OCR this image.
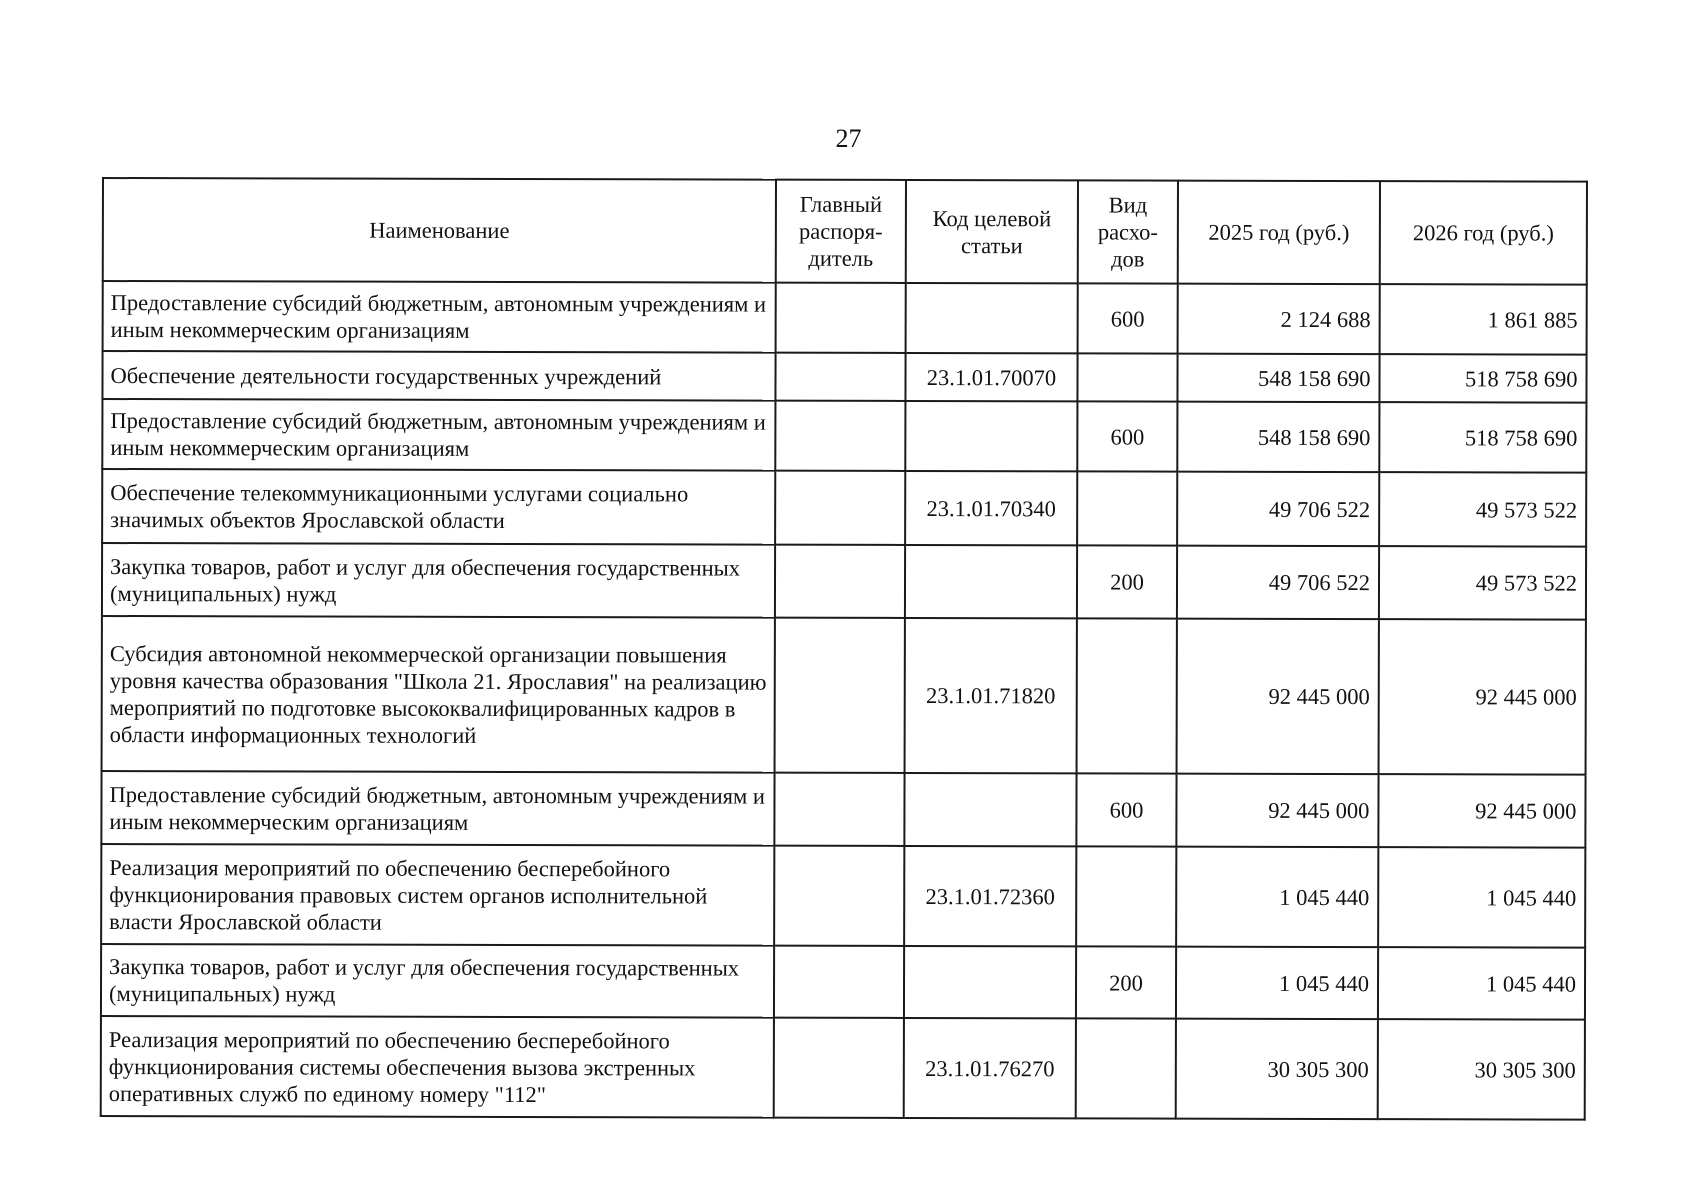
27
Наименование	Главный распоря-дитель	Код целевой статьи	Вид расхо-дов	2025 год (руб.)	2026 год (руб.)
Предоставление субсидий бюджетным, автономным учреждениям и иным некоммерческим организациям			600	2 124 688	1 861 885
Обеспечение деятельности государственных учреждений		23.1.01.70070		548 158 690	518 758 690
Предоставление субсидий бюджетным, автономным учреждениям и иным некоммерческим организациям			600	548 158 690	518 758 690
Обеспечение телекоммуникационными услугами социально значимых объектов Ярославской области		23.1.01.70340		49 706 522	49 573 522
Закупка товаров, работ и услуг для обеспечения государственных (муниципальных) нужд			200	49 706 522	49 573 522
Субсидия автономной некоммерческой организации повышения уровня качества образования "Школа 21. Ярославия" на реализацию мероприятий по подготовке высококвалифицированных кадров в области информационных технологий		23.1.01.71820		92 445 000	92 445 000
Предоставление субсидий бюджетным, автономным учреждениям и иным некоммерческим организациям			600	92 445 000	92 445 000
Реализация мероприятий по обеспечению бесперебойного функционирования правовых систем органов исполнительной власти Ярославской области		23.1.01.72360		1 045 440	1 045 440
Закупка товаров, работ и услуг для обеспечения государственных (муниципальных) нужд			200	1 045 440	1 045 440
Реализация мероприятий по обеспечению бесперебойного функционирования системы обеспечения вызова экстренных оперативных служб по единому номеру "112"		23.1.01.76270		30 305 300	30 305 300
